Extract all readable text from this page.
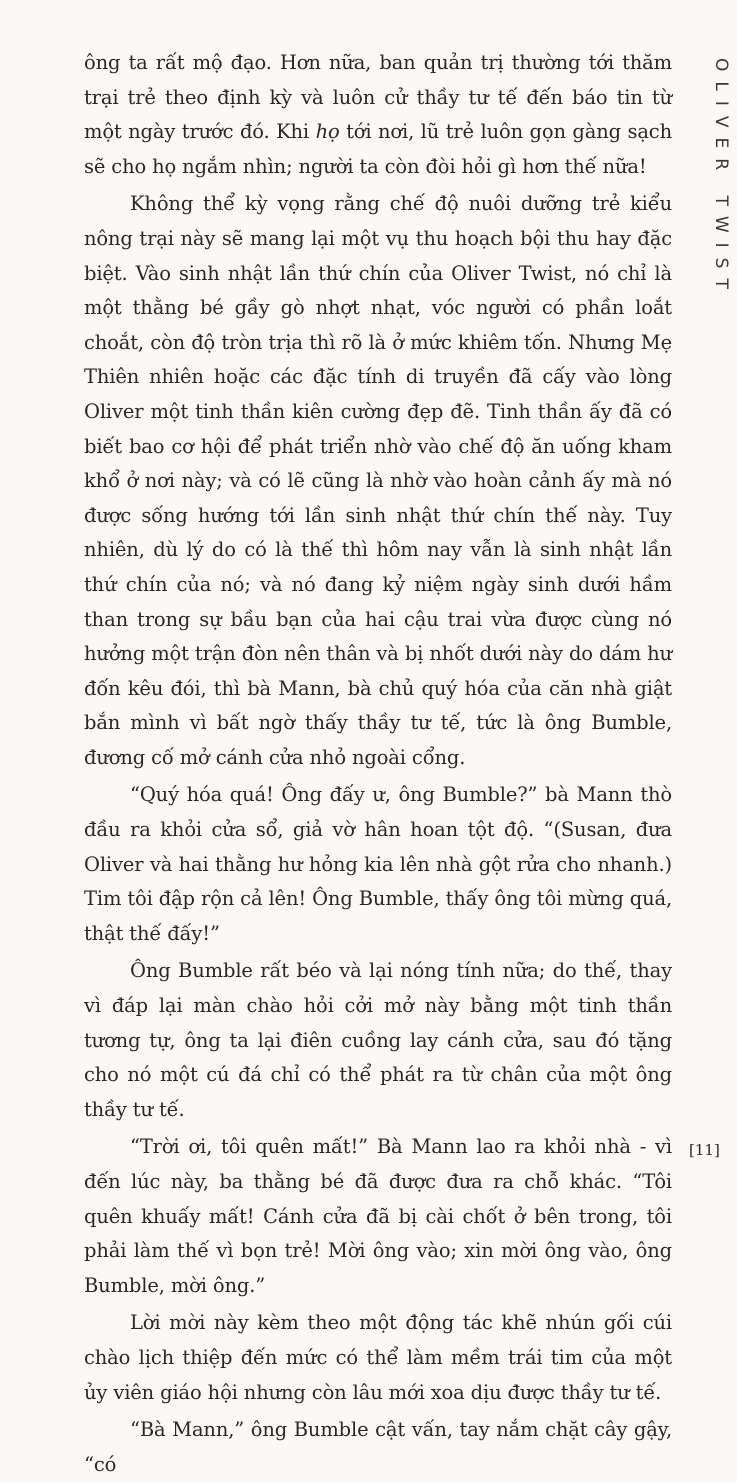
ông ta rất mộ đạo. Hơn nữa, ban quản trị thường tới thăm trại trẻ theo định kỳ và luôn cử thầy tư tế đến báo tin từ một ngày trước đó. Khi họ tới nơi, lũ trẻ luôn gọn gàng sạch sẽ cho họ ngắm nhìn; người ta còn đòi hỏi gì hơn thế nữa!

Không thể kỳ vọng rằng chế độ nuôi dưỡng trẻ kiểu nông trại này sẽ mang lại một vụ thu hoạch bội thu hay đặc biệt. Vào sinh nhật lần thứ chín của Oliver Twist, nó chỉ là một thằng bé gầy gò nhợt nhạt, vóc người có phần loắt choắt, còn độ tròn trịa thì rõ là ở mức khiêm tốn. Nhưng Mẹ Thiên nhiên hoặc các đặc tính di truyền đã cấy vào lòng Oliver một tinh thần kiên cường đẹp đẽ. Tinh thần ấy đã có biết bao cơ hội để phát triển nhờ vào chế độ ăn uống kham khổ ở nơi này; và có lẽ cũng là nhờ vào hoàn cảnh ấy mà nó được sống hướng tới lần sinh nhật thứ chín thế này. Tuy nhiên, dù lý do có là thế thì hôm nay vẫn là sinh nhật lần thứ chín của nó; và nó đang kỷ niệm ngày sinh dưới hầm than trong sự bầu bạn của hai cậu trai vừa được cùng nó hưởng một trận đòn nên thân và bị nhốt dưới này do dám hư đốn kêu đói, thì bà Mann, bà chủ quý hóa của căn nhà giật bắn mình vì bất ngờ thấy thầy tư tế, tức là ông Bumble, đương cố mở cánh cửa nhỏ ngoài cổng.

“Quý hóa quá! Ông đấy ư, ông Bumble?” bà Mann thò đầu ra khỏi cửa sổ, giả vờ hân hoan tột độ. “(Susan, đưa Oliver và hai thằng hư hỏng kia lên nhà gột rửa cho nhanh.) Tim tôi đập rộn cả lên! Ông Bumble, thấy ông tôi mừng quá, thật thế đấy!”

Ông Bumble rất béo và lại nóng tính nữa; do thế, thay vì đáp lại màn chào hỏi cởi mở này bằng một tinh thần tương tự, ông ta lại điên cuồng lay cánh cửa, sau đó tặng cho nó một cú đá chỉ có thể phát ra từ chân của một ông thầy tư tế.

“Trời ơi, tôi quên mất!” Bà Mann lao ra khỏi nhà - vì đến lúc này, ba thằng bé đã được đưa ra chỗ khác. “Tôi quên khuấy mất! Cánh cửa đã bị cài chốt ở bên trong, tôi phải làm thế vì bọn trẻ! Mời ông vào; xin mời ông vào, ông Bumble, mời ông.”

Lời mời này kèm theo một động tác khẽ nhún gối cúi chào lịch thiệp đến mức có thể làm mềm trái tim của một ủy viên giáo hội nhưng còn lâu mới xoa dịu được thầy tư tế.

“Bà Mann,” ông Bumble cật vấn, tay nắm chặt cây gậy, “có

OLIVER TWIST
[11]
